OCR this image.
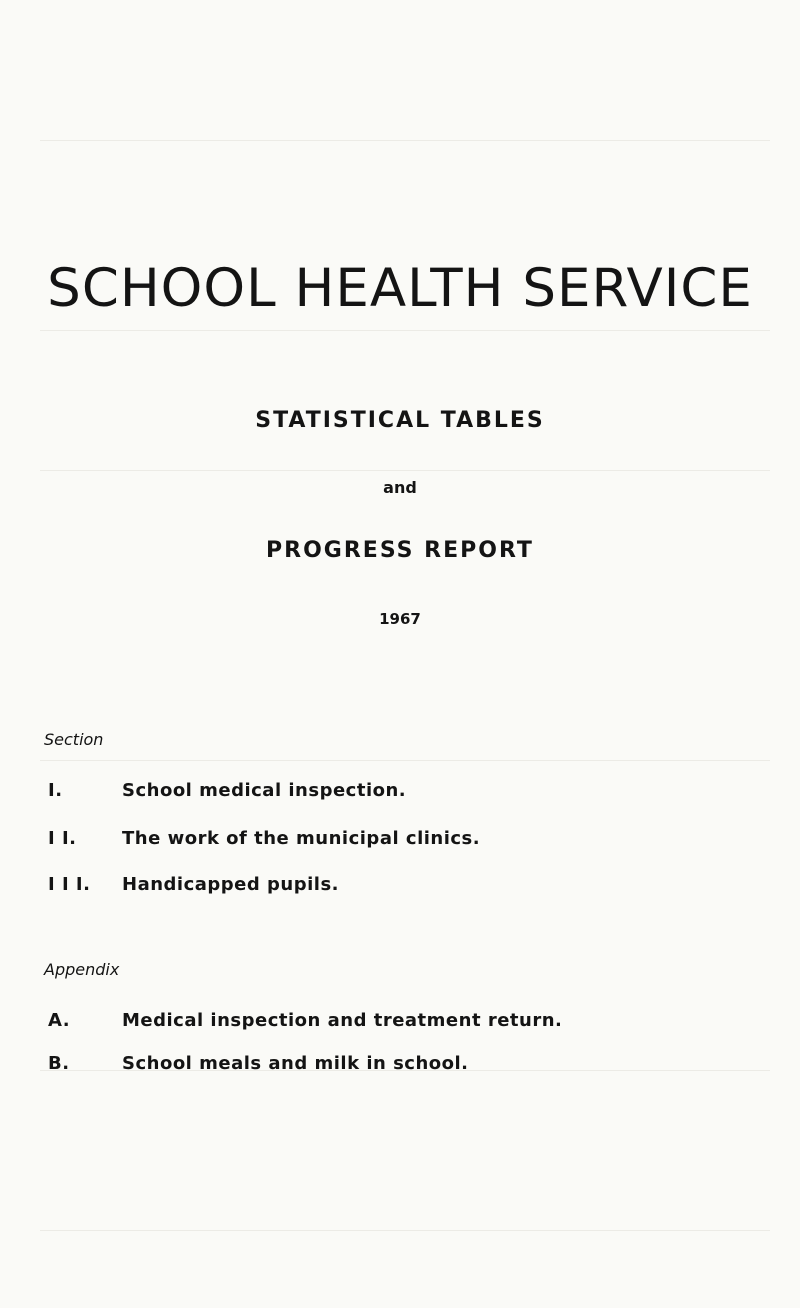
SCHOOL HEALTH SERVICE
STATISTICAL TABLES
and
PROGRESS REPORT
1967
Section
I.	School medical inspection.
I I.	The work of the municipal clinics.
I I I. Handicapped pupils.
Appendix
A.	Medical inspection and treatment return.
B.	School meals and milk in school.
